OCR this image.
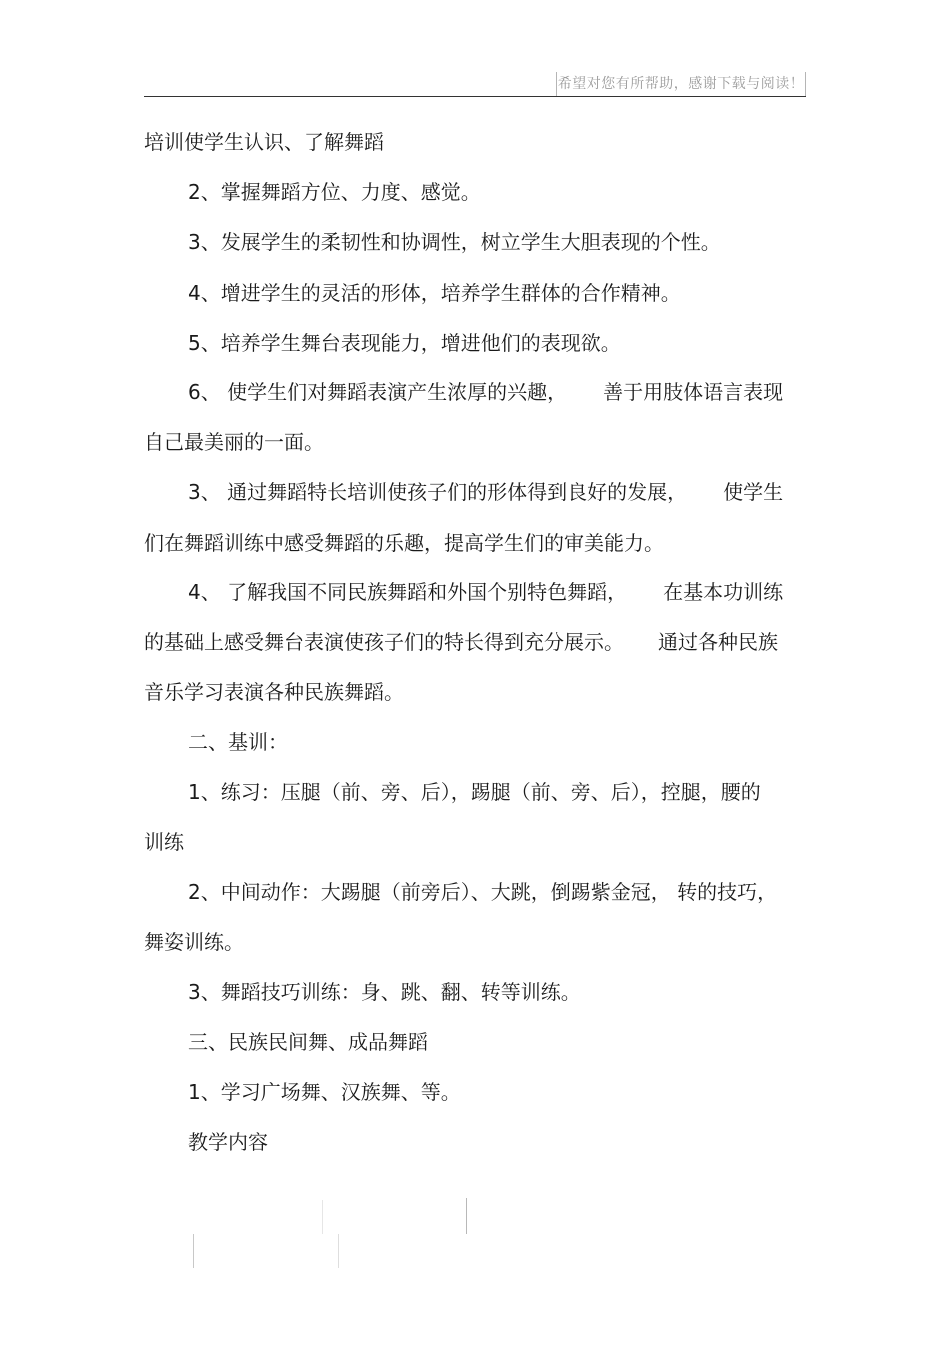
希望对您有所帮助，感谢下载与阅读！
培训使学生认识、了解舞蹈
2、掌握舞蹈方位、力度、感觉。
3、发展学生的柔韧性和协调性，树立学生大胆表现的个性。
4、增进学生的灵活的形体，培养学生群体的合作精神。
5、培养学生舞台表现能力，增进他们的表现欲。
6、 使学生们对舞蹈表演产生浓厚的兴趣， 善于用肢体语言表现
自己最美丽的一面。
3、 通过舞蹈特长培训使孩子们的形体得到良好的发展， 使学生
们在舞蹈训练中感受舞蹈的乐趣，提高学生们的审美能力。
4、 了解我国不同民族舞蹈和外国个别特色舞蹈， 在基本功训练
的基础上感受舞台表演使孩子们的特长得到充分展示。 通过各种民族
音乐学习表演各种民族舞蹈。
二、基训：
1、练习：压腿（前、旁、后），踢腿（前、旁、后），控腿，腰的
训练
2、中间动作：大踢腿（前旁后）、大跳，倒踢紫金冠， 转的技巧，
舞姿训练。
3、舞蹈技巧训练：身、跳、翻、转等训练。
三、民族民间舞、成品舞蹈
1、学习广场舞、汉族舞、等。
教学内容
